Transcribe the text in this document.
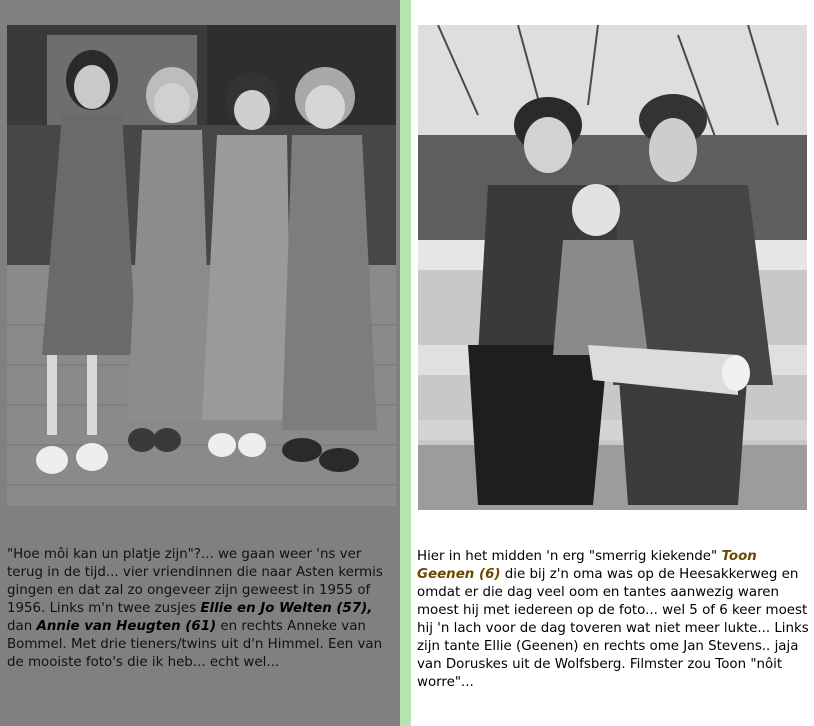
"Hoe môi kan un platje zijn"?... we gaan weer 'ns ver terug in de tijd... vier vriendinnen die naar Asten kermis gingen en dat zal zo ongeveer zijn geweest in 1955 of 1956. Links m'n twee zusjes Ellie en Jo Welten (57), dan Annie van Heugten (61) en rechts Anneke van Bommel. Met drie tieners/twins uit d'n Himmel. Een van de mooiste foto's die ik heb... echt wel...

Hier in het midden 'n erg "smerrig kiekende" Toon Geenen (6) die bij z'n oma was op de Heesakkerweg en omdat er die dag veel oom en tantes aanwezig waren moest hij met iedereen op de foto... wel 5 of 6 keer moest hij 'n lach voor de dag toveren wat niet meer lukte... Links zijn tante Ellie (Geenen) en rechts ome Jan Stevens.. jaja van Doruskes uit de Wolfsberg. Filmster zou Toon "nôit worre"...
